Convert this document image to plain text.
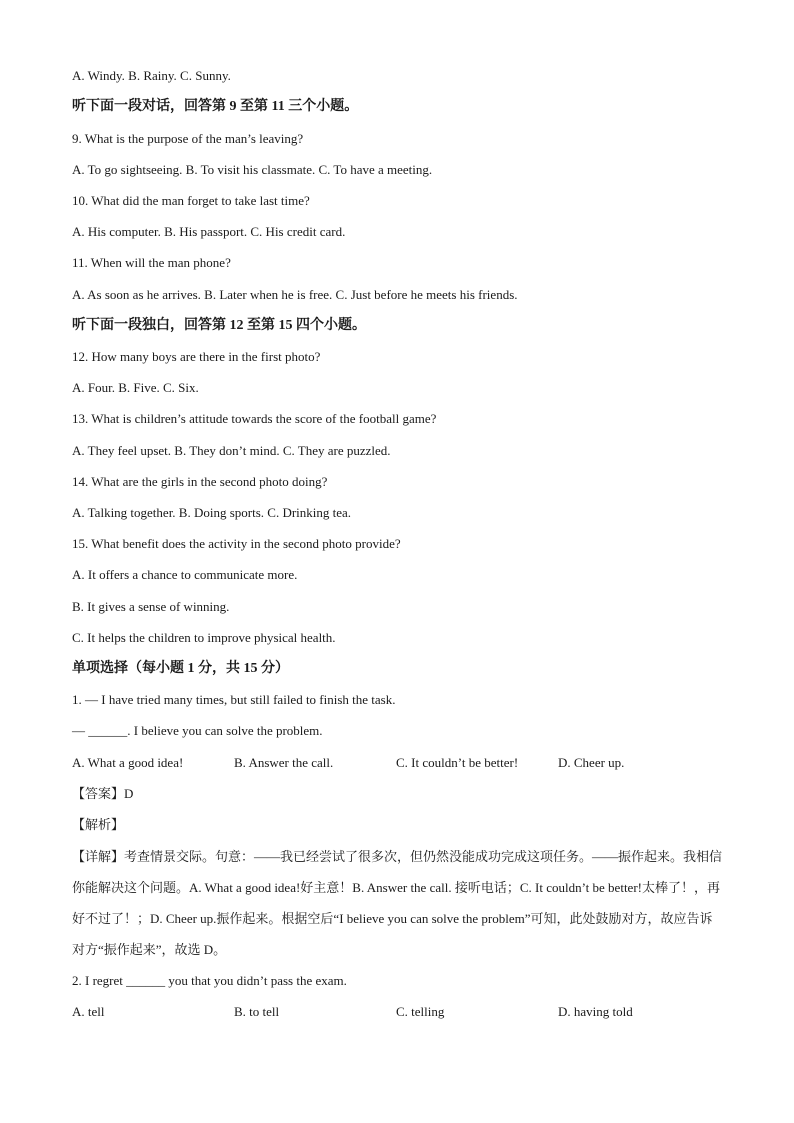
A. Windy. B. Rainy. C. Sunny.
听下面一段对话，回答第 9 至第 11 三个小题。
9. What is the purpose of the man’s leaving?
A. To go sightseeing. B. To visit his classmate. C. To have a meeting.
10. What did the man forget to take last time?
A. His computer. B. His passport. C. His credit card.
11. When will the man phone?
A. As soon as he arrives. B. Later when he is free. C. Just before he meets his friends.
听下面一段独白，回答第 12 至第 15 四个小题。
12. How many boys are there in the first photo?
A. Four. B. Five. C. Six.
13. What is children’s attitude towards the score of the football game?
A. They feel upset. B. They don’t mind. C. They are puzzled.
14. What are the girls in the second photo doing?
A. Talking together. B. Doing sports. C. Drinking tea.
15. What benefit does the activity in the second photo provide?
A. It offers a chance to communicate more.
B. It gives a sense of winning.
C. It helps the children to improve physical health.
单项选择（每小题 1 分，共 15 分）
1. — I have tried many times, but still failed to finish the task.
— ______. I believe you can solve the problem.
A. What a good idea!	B. Answer the call.	C. It couldn’t be better!	D. Cheer up.
【答案】D
【解析】
【详解】考查情景交际。句意：——我已经尝试了很多次，但仍然没能成功完成这项任务。——振作起来。我相信你能解决这个问题。A. What a good idea!好主意！B. Answer the call. 接听电话；C. It couldn’t be better!太棒了！，再好不过了！；D. Cheer up.振作起来。根据空后“I believe you can solve the problem”可知，此处鼓励对方，故应告诉对方“振作起来”，故选 D。
2. I regret ______ you that you didn’t pass the exam.
A. tell	B. to tell	C. telling	D. having told
